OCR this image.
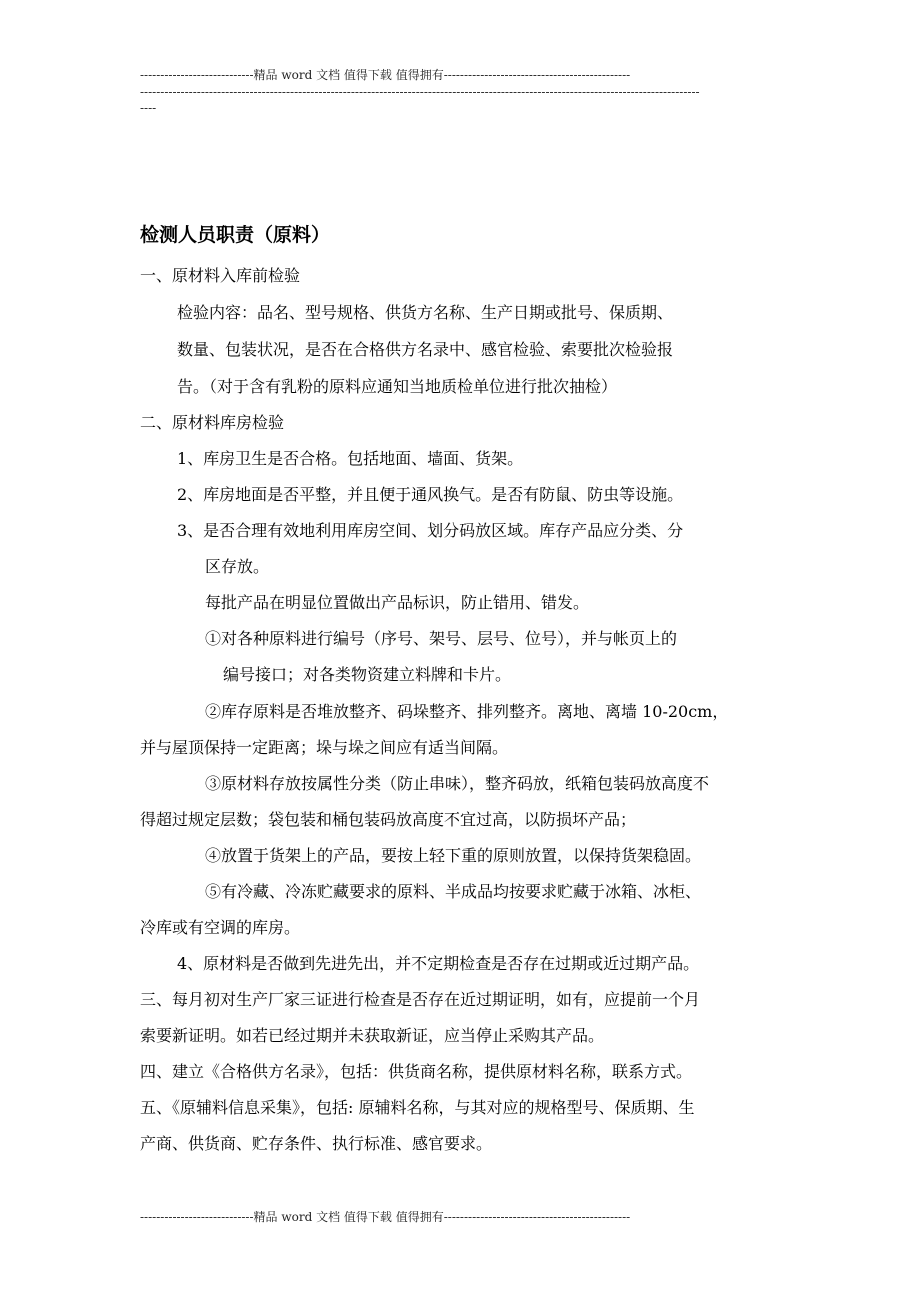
----------------------------精品 word 文档 值得下载 值得拥有----------------------------------------------
------------------------------------------------------------------------------------------------------------------------------------------
----
检测人员职责（原料）
一、原材料入库前检验
检验内容：品名、型号规格、供货方名称、生产日期或批号、保质期、
数量、包装状况，是否在合格供方名录中、感官检验、索要批次检验报
告。（对于含有乳粉的原料应通知当地质检单位进行批次抽检）
二、原材料库房检验
1、库房卫生是否合格。包括地面、墙面、货架。
2、库房地面是否平整，并且便于通风换气。是否有防鼠、防虫等设施。
3、是否合理有效地利用库房空间、划分码放区域。库存产品应分类、分
区存放。
每批产品在明显位置做出产品标识，防止错用、错发。
①对各种原料进行编号（序号、架号、层号、位号），并与帐页上的
编号接口；对各类物资建立料牌和卡片。
②库存原料是否堆放整齐、码垛整齐、排列整齐。离地、离墙 10-20cm，
并与屋顶保持一定距离；垛与垛之间应有适当间隔。
③原材料存放按属性分类（防止串味），整齐码放，纸箱包装码放高度不
得超过规定层数；袋包装和桶包装码放高度不宜过高，以防损坏产品；
④放置于货架上的产品，要按上轻下重的原则放置，以保持货架稳固。
⑤有冷藏、冷冻贮藏要求的原料、半成品均按要求贮藏于冰箱、冰柜、
冷库或有空调的库房。
4、原材料是否做到先进先出，并不定期检查是否存在过期或近过期产品。
三、每月初对生产厂家三证进行检查是否存在近过期证明，如有，应提前一个月
索要新证明。如若已经过期并未获取新证，应当停止采购其产品。
四、建立《合格供方名录》，包括：供货商名称，提供原材料名称，联系方式。
五、《原辅料信息采集》，包括: 原辅料名称，与其对应的规格型号、保质期、生
产商、供货商、贮存条件、执行标准、感官要求。
----------------------------精品 word 文档 值得下载 值得拥有----------------------------------------------
